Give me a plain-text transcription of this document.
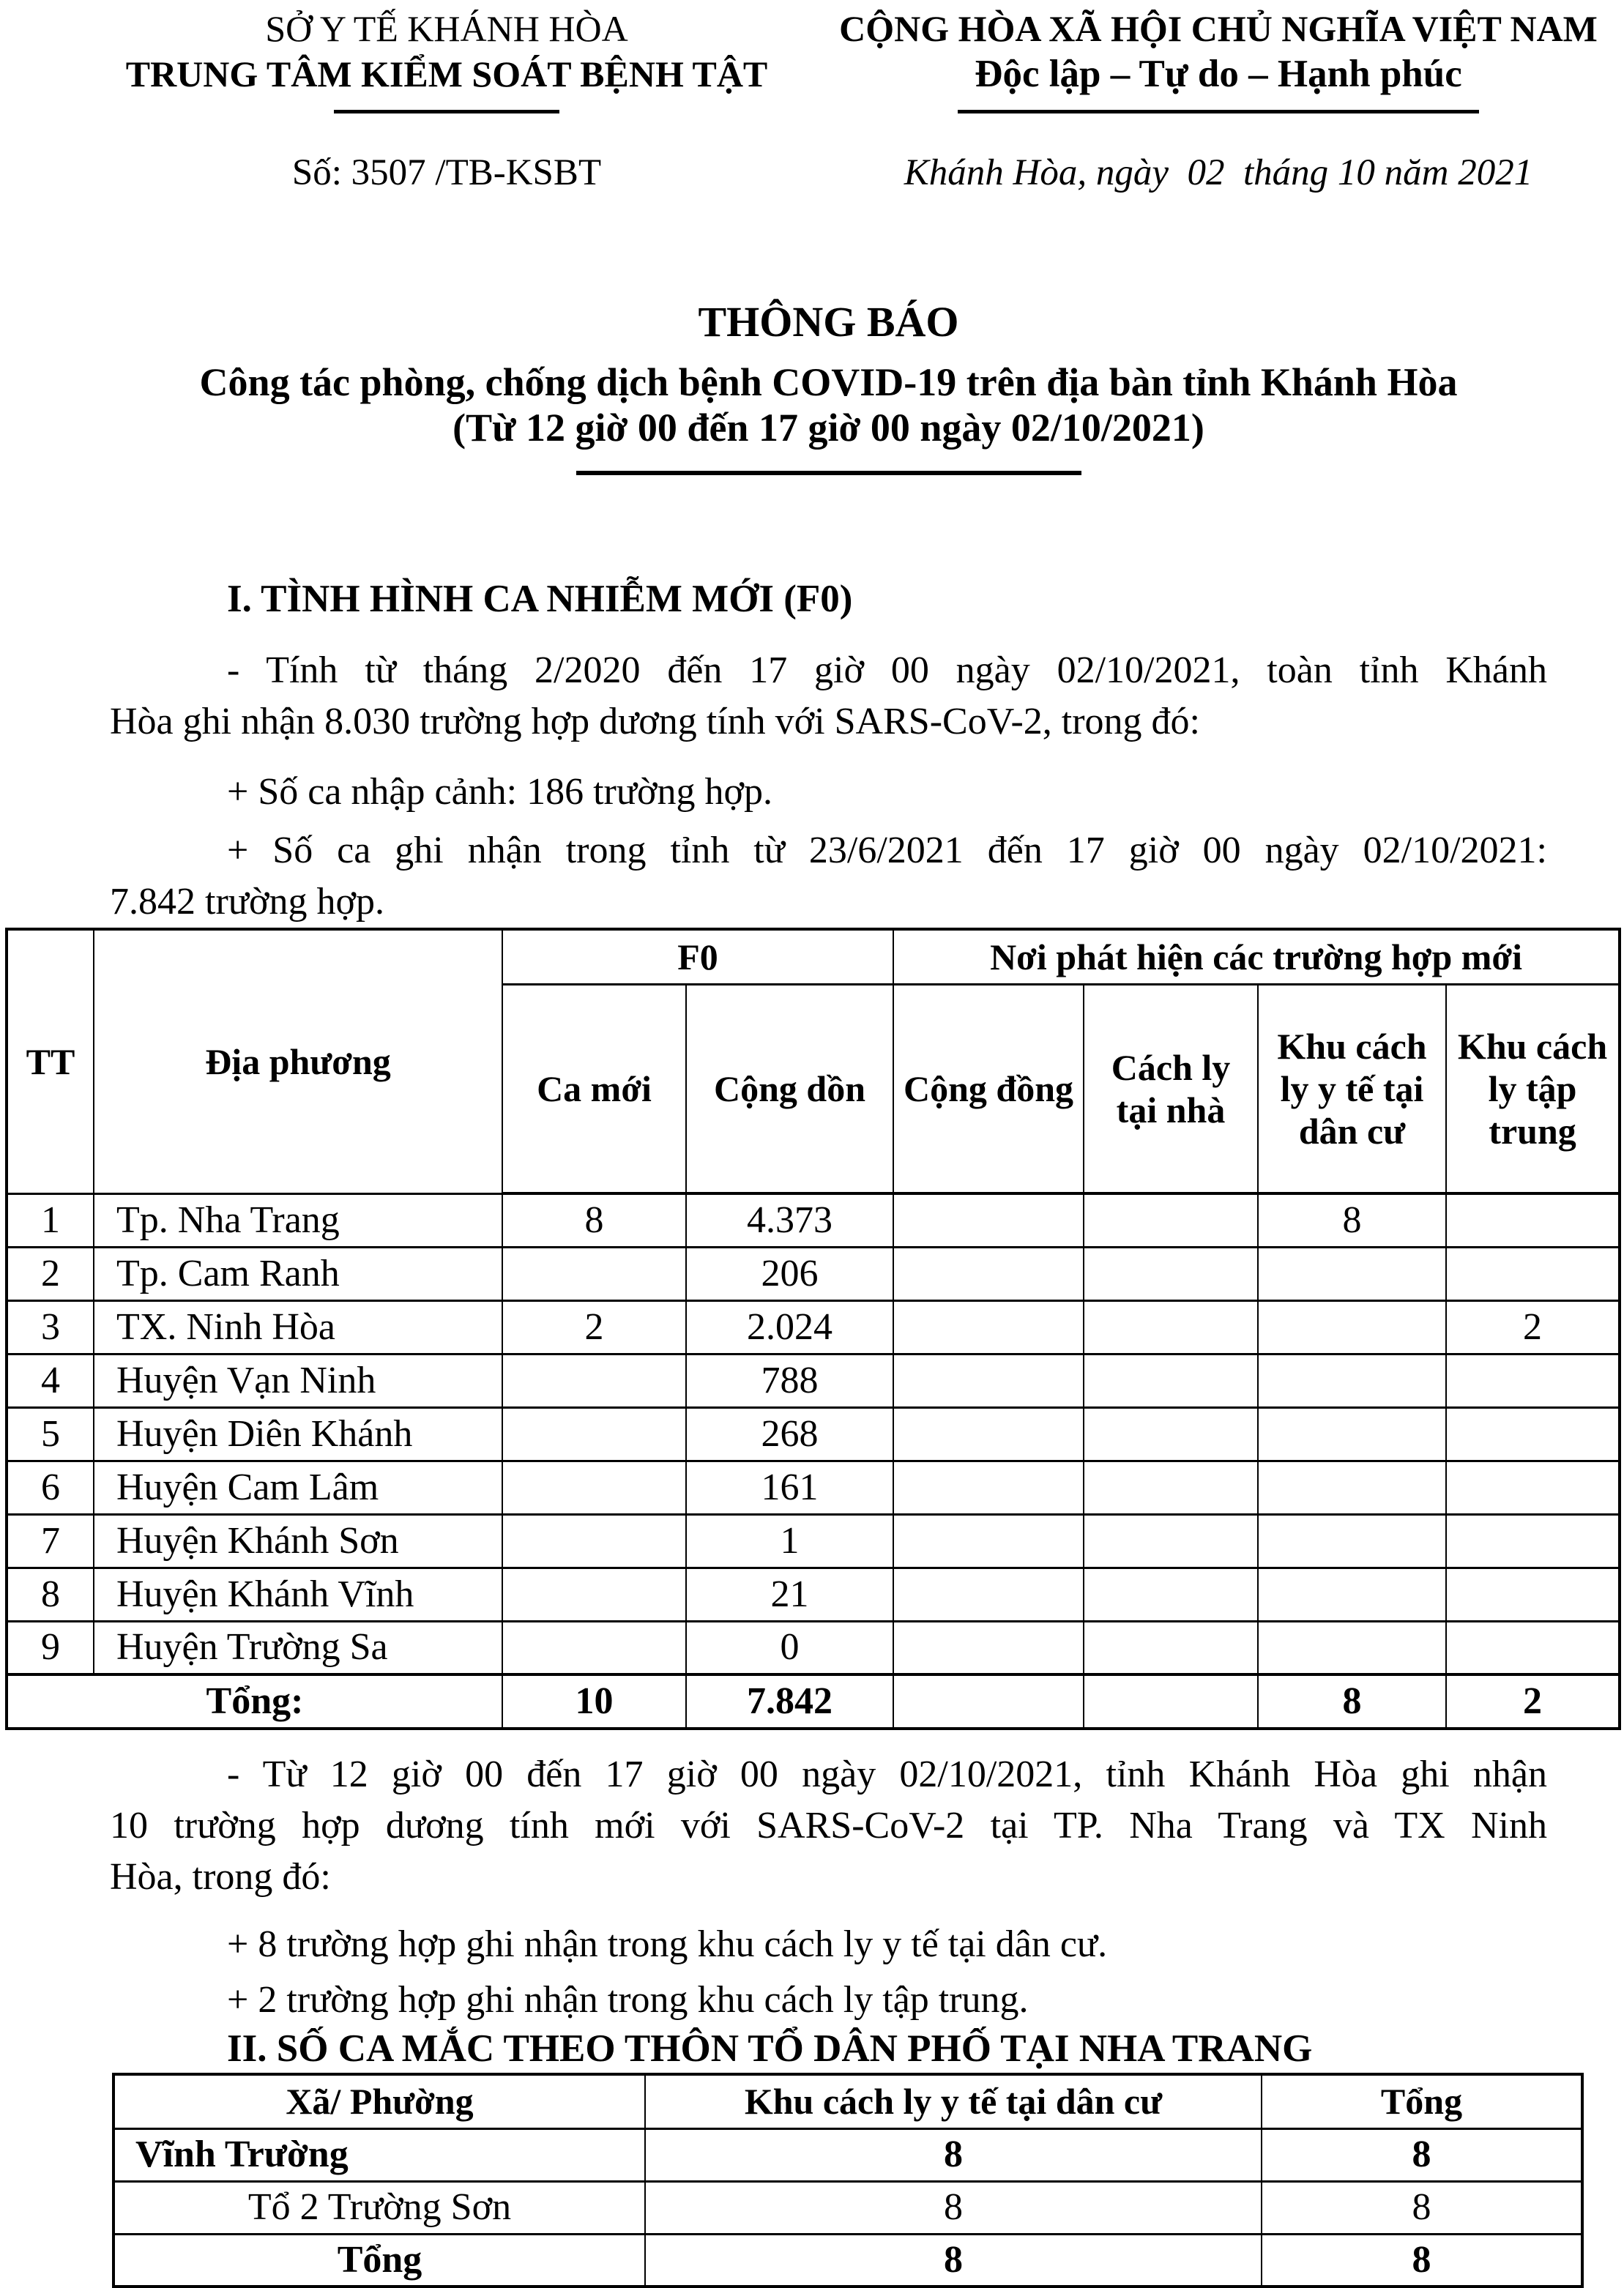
SỞ Y TẾ KHÁNH HÒA
TRUNG TÂM KIỂM SOÁT BỆNH TẬT
Số: 3507 /TB-KSBT
CỘNG HÒA XÃ HỘI CHỦ NGHĨA VIỆT NAM
Độc lập – Tự do – Hạnh phúc
Khánh Hòa, ngày  02  tháng 10 năm 2021
THÔNG BÁO
Công tác phòng, chống dịch bệnh COVID-19 trên địa bàn tỉnh Khánh Hòa
(Từ 12 giờ 00 đến 17 giờ 00 ngày 02/10/2021)
I. TÌNH HÌNH CA NHIỄM MỚI (F0)
- Tính từ tháng 2/2020 đến 17 giờ 00 ngày 02/10/2021, toàn tỉnh Khánh
Hòa ghi nhận 8.030 trường hợp dương tính với SARS-CoV-2, trong đó:
+ Số ca nhập cảnh: 186 trường hợp.
+ Số ca ghi nhận trong tỉnh từ 23/6/2021 đến 17 giờ 00 ngày 02/10/2021:
7.842 trường hợp.
TT	Địa phương	F0		Nơi phát hiện các trường hợp mới			
		Ca mới	Cộng dồn	Cộng đồng	Cách ly tại nhà	Khu cách ly y tế tại dân cư	Khu cách ly tập trung
1	Tp. Nha Trang	8	4.373			8	
2	Tp. Cam Ranh		206				
3	TX. Ninh Hòa	2	2.024				2
4	Huyện Vạn Ninh		788				
5	Huyện Diên Khánh		268				
6	Huyện Cam Lâm		161				
7	Huyện Khánh Sơn		1				
8	Huyện Khánh Vĩnh		21				
9	Huyện Trường Sa		0				
Tổng:		10	7.842			8	2
- Từ 12 giờ 00 đến 17 giờ 00 ngày 02/10/2021, tỉnh Khánh Hòa ghi nhận
10 trường hợp dương tính mới với SARS-CoV-2 tại TP. Nha Trang và TX Ninh
Hòa, trong đó:
+ 8 trường hợp ghi nhận trong khu cách ly y tế tại dân cư.
+ 2 trường hợp ghi nhận trong khu cách ly tập trung.
II. SỐ CA MẮC THEO THÔN TỔ DÂN PHỐ TẠI NHA TRANG
Xã/ Phường	Khu cách ly y tế tại dân cư	Tổng
Vĩnh Trường	8	8
Tổ 2 Trường Sơn	8	8
Tổng	8	8
